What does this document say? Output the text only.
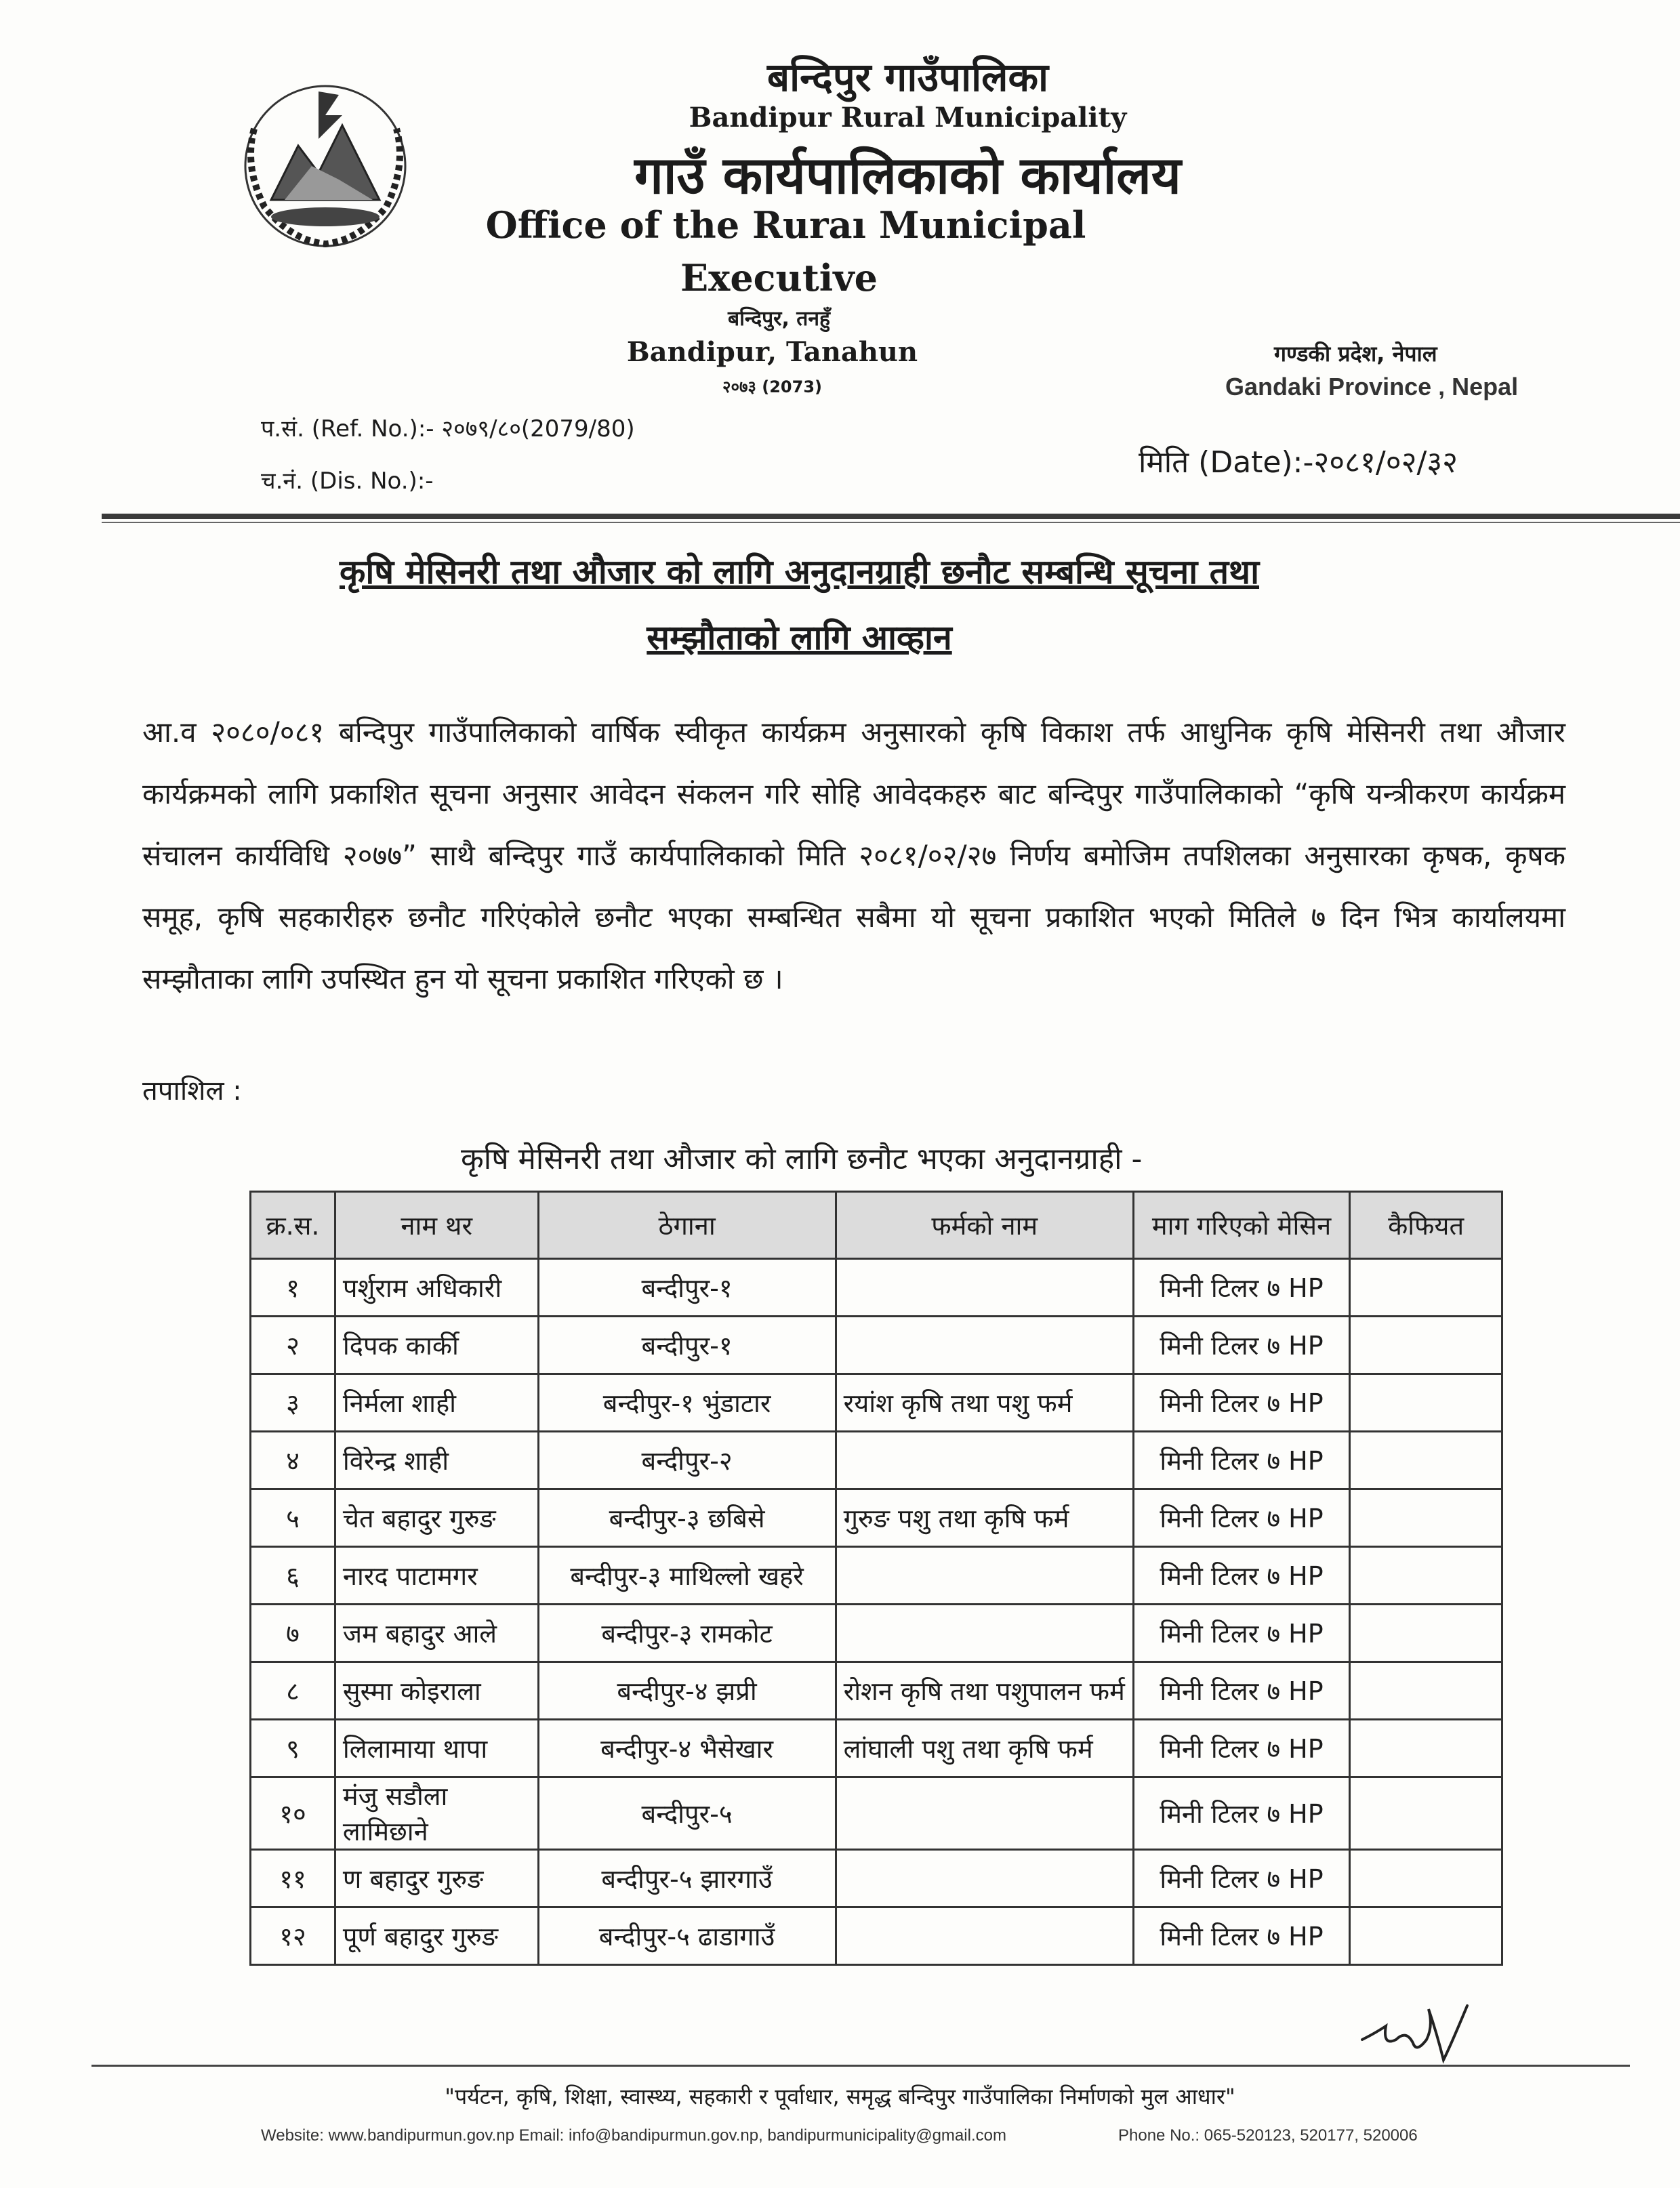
बन्दिपुर गाउँपालिका
Bandipur Rural Municipality
गाउँ कार्यपालिकाको कार्यालय
Office of the Ruraı Municipal
Executive
बन्दिपुर, तनहुँ
Bandipur, Tanahun
२०७३ (2073)
गण्डकी प्रदेश, नेपाल
Gandaki Province , Nepal
प.सं. (Ref. No.):- २०७९/८०(2079/80)
च.नं. (Dis. No.):-
मिति (Date):-२०८१/०२/३२
कृषि मेसिनरी तथा औजार को लागि अनुदानग्राही छनौट सम्बन्धि सूचना तथा
सम्झौताको लागि आव्हान
आ.व २०८०/०८१ बन्दिपुर गाउँपालिकाको वार्षिक स्वीकृत कार्यक्रम अनुसारको कृषि विकाश तर्फ आधुनिक कृषि मेसिनरी तथा औजार कार्यक्रमको लागि प्रकाशित सूचना अनुसार आवेदन संकलन गरि सोहि आवेदकहरु बाट बन्दिपुर गाउँपालिकाको “कृषि यन्त्रीकरण कार्यक्रम संचालन कार्यविधि २०७७” साथै बन्दिपुर गाउँ कार्यपालिकाको मिति २०८१/०२/२७ निर्णय बमोजिम तपशिलका अनुसारका कृषक, कृषक समूह, कृषि सहकारीहरु छनौट गरिएंकोले छनौट भएका सम्बन्धित सबैमा यो सूचना प्रकाशित भएको मितिले ७ दिन भित्र कार्यालयमा सम्झौताका लागि उपस्थित हुन यो सूचना प्रकाशित गरिएको छ ।
तपाशिल :
कृषि मेसिनरी तथा औजार को लागि छनौट भएका अनुदानग्राही -
क्र.स.	नाम थर	ठेगाना	फर्मको नाम	माग गरिएको मेसिन	कैफियत
१	पर्शुराम अधिकारी	बन्दीपुर-१		मिनी टिलर ७ HP	
२	दिपक कार्की	बन्दीपुर-१		मिनी टिलर ७ HP	
३	निर्मला शाही	बन्दीपुर-१ भुंडाटार	रयांश कृषि तथा पशु फर्म	मिनी टिलर ७ HP	
४	विरेन्द्र शाही	बन्दीपुर-२		मिनी टिलर ७ HP	
५	चेत बहादुर गुरुङ	बन्दीपुर-३ छबिसे	गुरुङ पशु तथा कृषि फर्म	मिनी टिलर ७ HP	
६	नारद पाटामगर	बन्दीपुर-३ माथिल्लो खहरे		मिनी टिलर ७ HP	
७	जम बहादुर आले	बन्दीपुर-३ रामकोट		मिनी टिलर ७ HP	
८	सुस्मा कोइराला	बन्दीपुर-४ झप्री	रोशन कृषि तथा पशुपालन फर्म	मिनी टिलर ७ HP	
९	लिलामाया थापा	बन्दीपुर-४ भैसेखार	लांघाली पशु तथा कृषि फर्म	मिनी टिलर ७ HP	
१०	मंजु सडौला लामिछाने	बन्दीपुर-५		मिनी टिलर ७ HP	
११	ण बहादुर गुरुङ	बन्दीपुर-५ झारगाउँ		मिनी टिलर ७ HP	
१२	पूर्ण बहादुर गुरुङ	बन्दीपुर-५ ढाडागाउँ		मिनी टिलर ७ HP	
"पर्यटन, कृषि, शिक्षा, स्वास्थ्य, सहकारी र पूर्वाधार, समृद्ध बन्दिपुर गाउँपालिका निर्माणको मुल आधार"
Website: www.bandipurmun.gov.np Email: info@bandipurmun.gov.np, bandipurmunicipality@gmail.com	Phone No.: 065-520123, 520177, 520006
